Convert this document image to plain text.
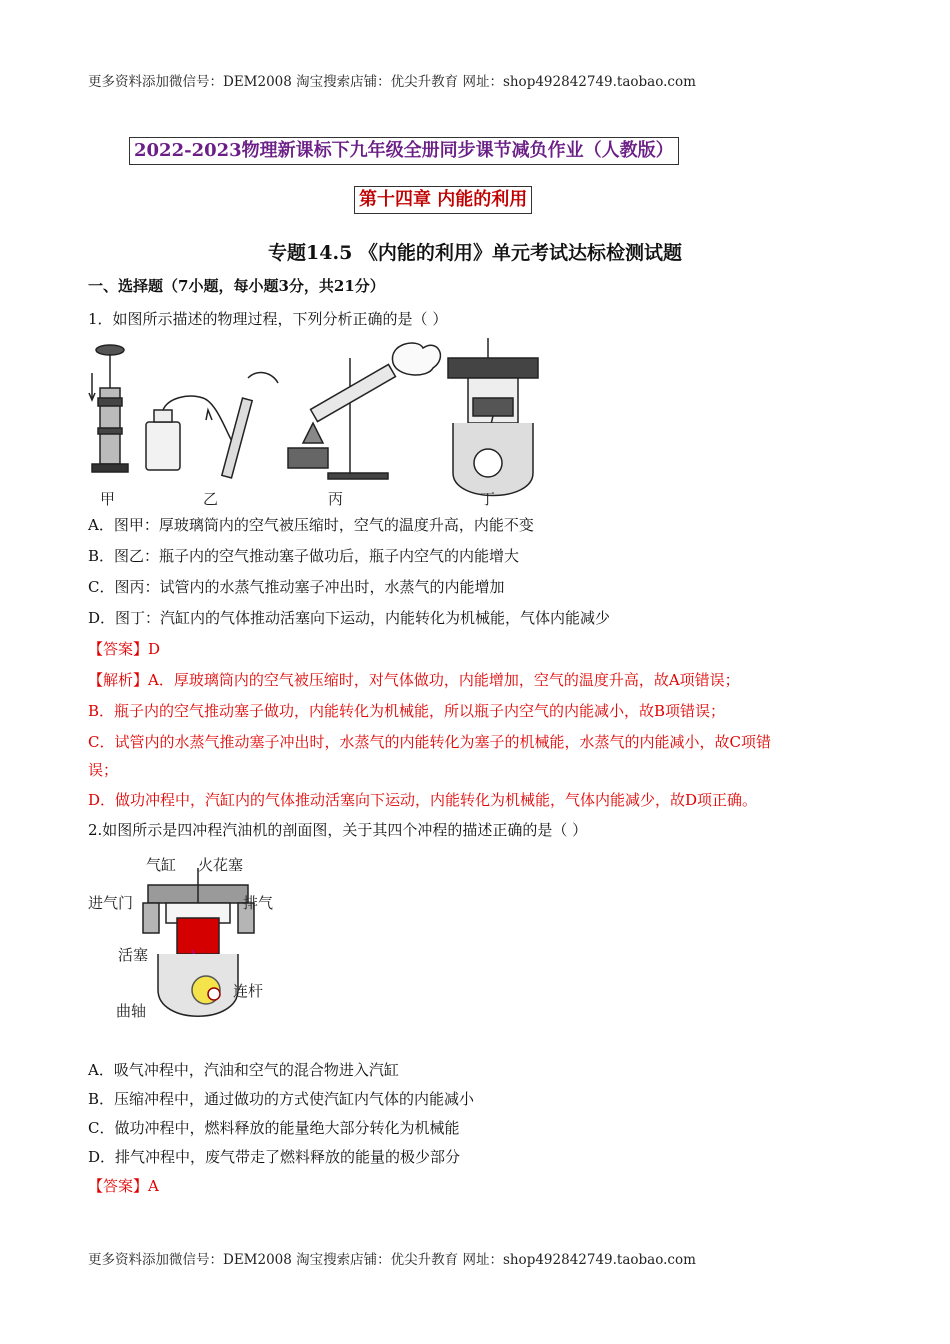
更多资料添加微信号：DEM2008 淘宝搜索店铺：优尖升教育 网址：shop492842749.taobao.com
2022-2023物理新课标下九年级全册同步课节减负作业（人教版）
第十四章 内能的利用
专题14.5 《内能的利用》单元考试达标检测试题
一、选择题（7小题，每小题3分，共21分）
1．如图所示描述的物理过程，下列分析正确的是（ ）
甲	乙	丙	丁
A．图甲：厚玻璃筒内的空气被压缩时，空气的温度升高，内能不变
B．图乙：瓶子内的空气推动塞子做功后，瓶子内空气的内能增大
C．图丙：试管内的水蒸气推动塞子冲出时，水蒸气的内能增加
D．图丁：汽缸内的气体推动活塞向下运动，内能转化为机械能，气体内能减少
【答案】D
【解析】A．厚玻璃筒内的空气被压缩时，对气体做功，内能增加，空气的温度升高，故A项错误；
B．瓶子内的空气推动塞子做功，内能转化为机械能，所以瓶子内空气的内能减小，故B项错误；
C．试管内的水蒸气推动塞子冲出时，水蒸气的内能转化为塞子的机械能，水蒸气的内能减小，故C项错
误；
D．做功冲程中，汽缸内的气体推动活塞向下运动，内能转化为机械能，气体内能减少，故D项正确。
2.如图所示是四冲程汽油机的剖面图，关于其四个冲程的描述正确的是（ ）
气缸 火花塞
进气门	排气
活塞
连杆
曲轴
A．吸气冲程中，汽油和空气的混合物进入汽缸
B．压缩冲程中，通过做功的方式使汽缸内气体的内能减小
C．做功冲程中，燃料释放的能量绝大部分转化为机械能
D．排气冲程中，废气带走了燃料释放的能量的极少部分
【答案】A
更多资料添加微信号：DEM2008 淘宝搜索店铺：优尖升教育 网址：shop492842749.taobao.com
